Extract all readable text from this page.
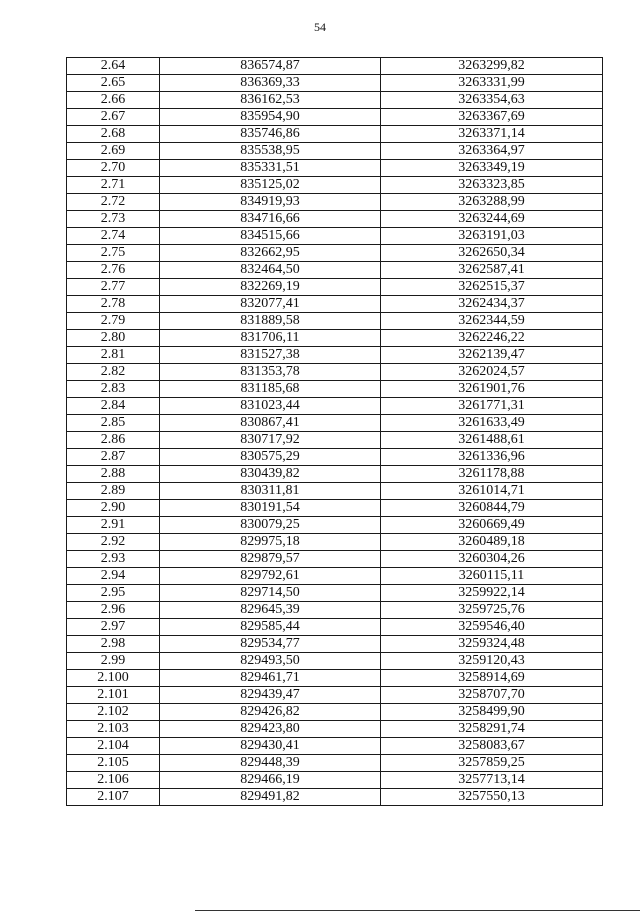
54
2.64	836574,87	3263299,82
2.65	836369,33	3263331,99
2.66	836162,53	3263354,63
2.67	835954,90	3263367,69
2.68	835746,86	3263371,14
2.69	835538,95	3263364,97
2.70	835331,51	3263349,19
2.71	835125,02	3263323,85
2.72	834919,93	3263288,99
2.73	834716,66	3263244,69
2.74	834515,66	3263191,03
2.75	832662,95	3262650,34
2.76	832464,50	3262587,41
2.77	832269,19	3262515,37
2.78	832077,41	3262434,37
2.79	831889,58	3262344,59
2.80	831706,11	3262246,22
2.81	831527,38	3262139,47
2.82	831353,78	3262024,57
2.83	831185,68	3261901,76
2.84	831023,44	3261771,31
2.85	830867,41	3261633,49
2.86	830717,92	3261488,61
2.87	830575,29	3261336,96
2.88	830439,82	3261178,88
2.89	830311,81	3261014,71
2.90	830191,54	3260844,79
2.91	830079,25	3260669,49
2.92	829975,18	3260489,18
2.93	829879,57	3260304,26
2.94	829792,61	3260115,11
2.95	829714,50	3259922,14
2.96	829645,39	3259725,76
2.97	829585,44	3259546,40
2.98	829534,77	3259324,48
2.99	829493,50	3259120,43
2.100	829461,71	3258914,69
2.101	829439,47	3258707,70
2.102	829426,82	3258499,90
2.103	829423,80	3258291,74
2.104	829430,41	3258083,67
2.105	829448,39	3257859,25
2.106	829466,19	3257713,14
2.107	829491,82	3257550,13
